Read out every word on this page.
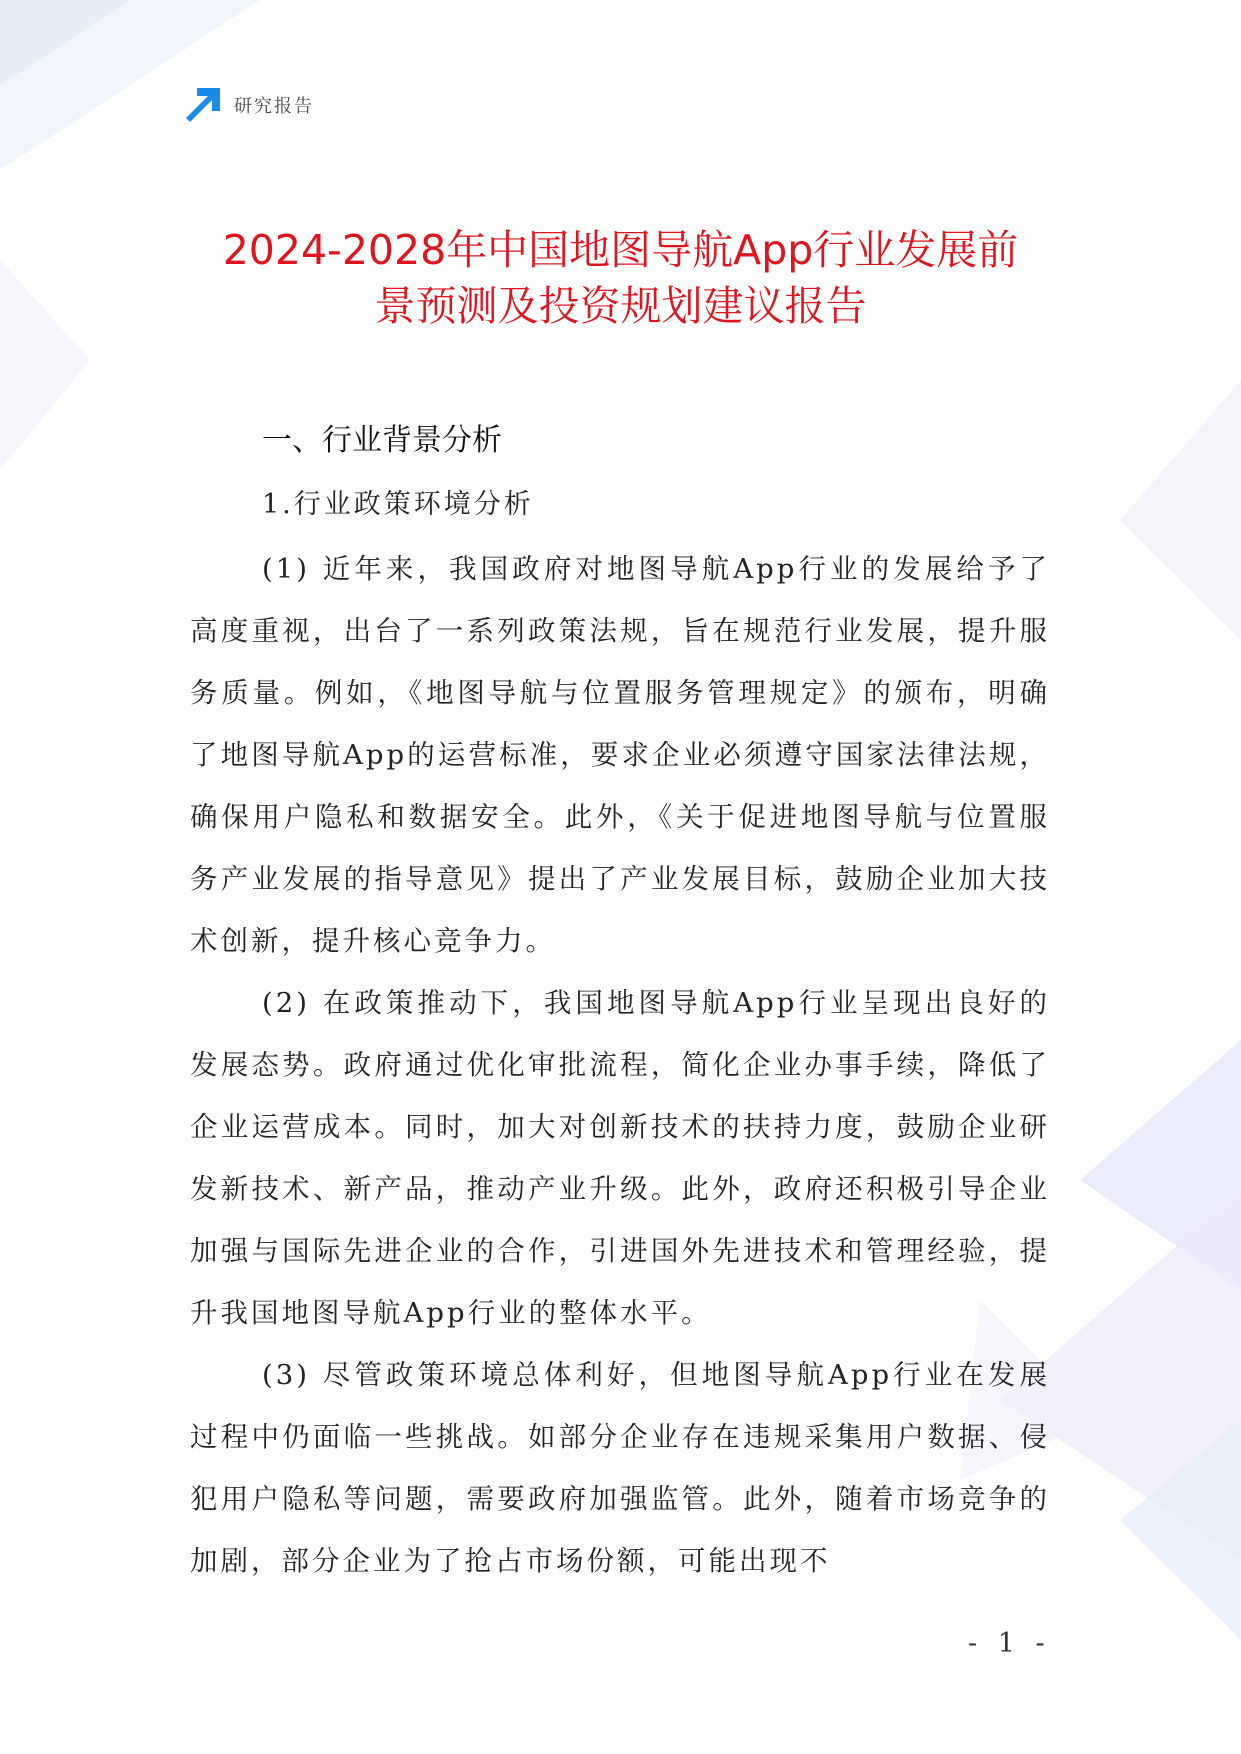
研究报告
2024-2028年中国地图导航App行业发展前
景预测及投资规划建议报告
一、行业背景分析
1.行业政策环境分析

(1) 近年来，我国政府对地图导航App行业的发展给予了高度重视，出台了一系列政策法规，旨在规范行业发展，提升服务质量。例如，《地图导航与位置服务管理规定》的颁布，明确了地图导航App的运营标准，要求企业必须遵守国家法律法规，确保用户隐私和数据安全。此外，《关于促进地图导航与位置服务产业发展的指导意见》提出了产业发展目标，鼓励企业加大技术创新，提升核心竞争力。

(2) 在政策推动下，我国地图导航App行业呈现出良好的发展态势。政府通过优化审批流程，简化企业办事手续，降低了企业运营成本。同时，加大对创新技术的扶持力度，鼓励企业研发新技术、新产品，推动产业升级。此外，政府还积极引导企业加强与国际先进企业的合作，引进国外先进技术和管理经验，提升我国地图导航App行业的整体水平。

(3) 尽管政策环境总体利好，但地图导航App行业在发展过程中仍面临一些挑战。如部分企业存在违规采集用户数据、侵犯用户隐私等问题，需要政府加强监管。此外，随着市场竞争的加剧，部分企业为了抢占市场份额，可能出现不

- 1 -
